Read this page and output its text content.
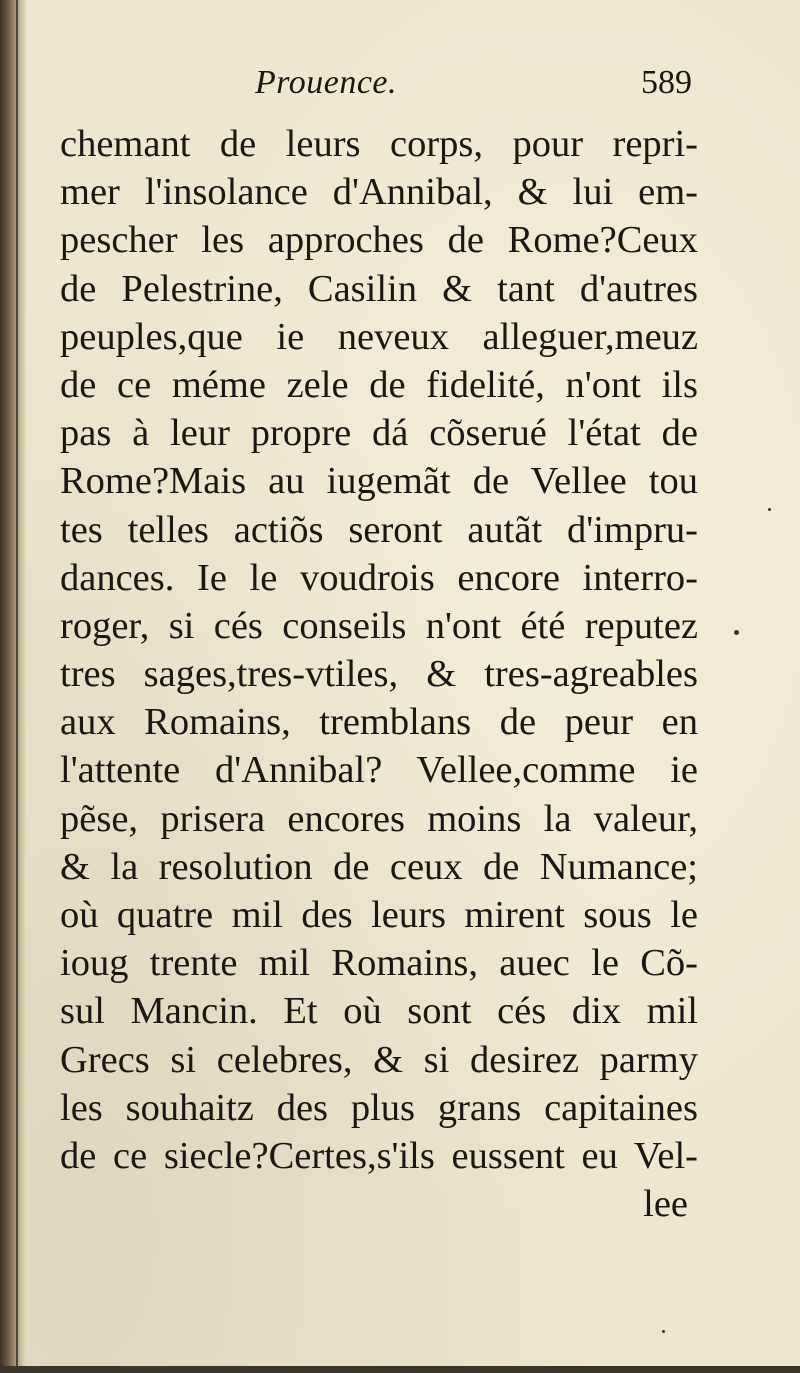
Prouence.	589
chemant de leurs corps, pour repri-
mer l'insolance d'Annibal, & lui em-
pescher les approches de Rome?Ceux
de Pelestrine, Casilin & tant d'autres
peuples,que ie neveux alleguer,meuz
de ce méme zele de fidelité, n'ont ils
pas à leur propre dá cõserué l'état de
Rome?Mais au iugemãt de Vellee tou
tes telles actiõs seront autãt d'impru-
dances. Ie le voudrois encore interro-
roger, si cés conseils n'ont été reputez
tres sages,tres-vtiles, & tres-agreables
aux Romains, tremblans de peur en
l'attente d'Annibal? Vellee,comme ie
pẽse, prisera encores moins la valeur,
& la resolution de ceux de Numance;
où quatre mil des leurs mirent sous le
ioug trente mil Romains, auec le Cõ-
sul Mancin. Et où sont cés dix mil
Grecs si celebres, & si desirez parmy
les souhaitz des plus grans capitaines
de ce siecle?Certes,s'ils eussent eu Vel-
lee
